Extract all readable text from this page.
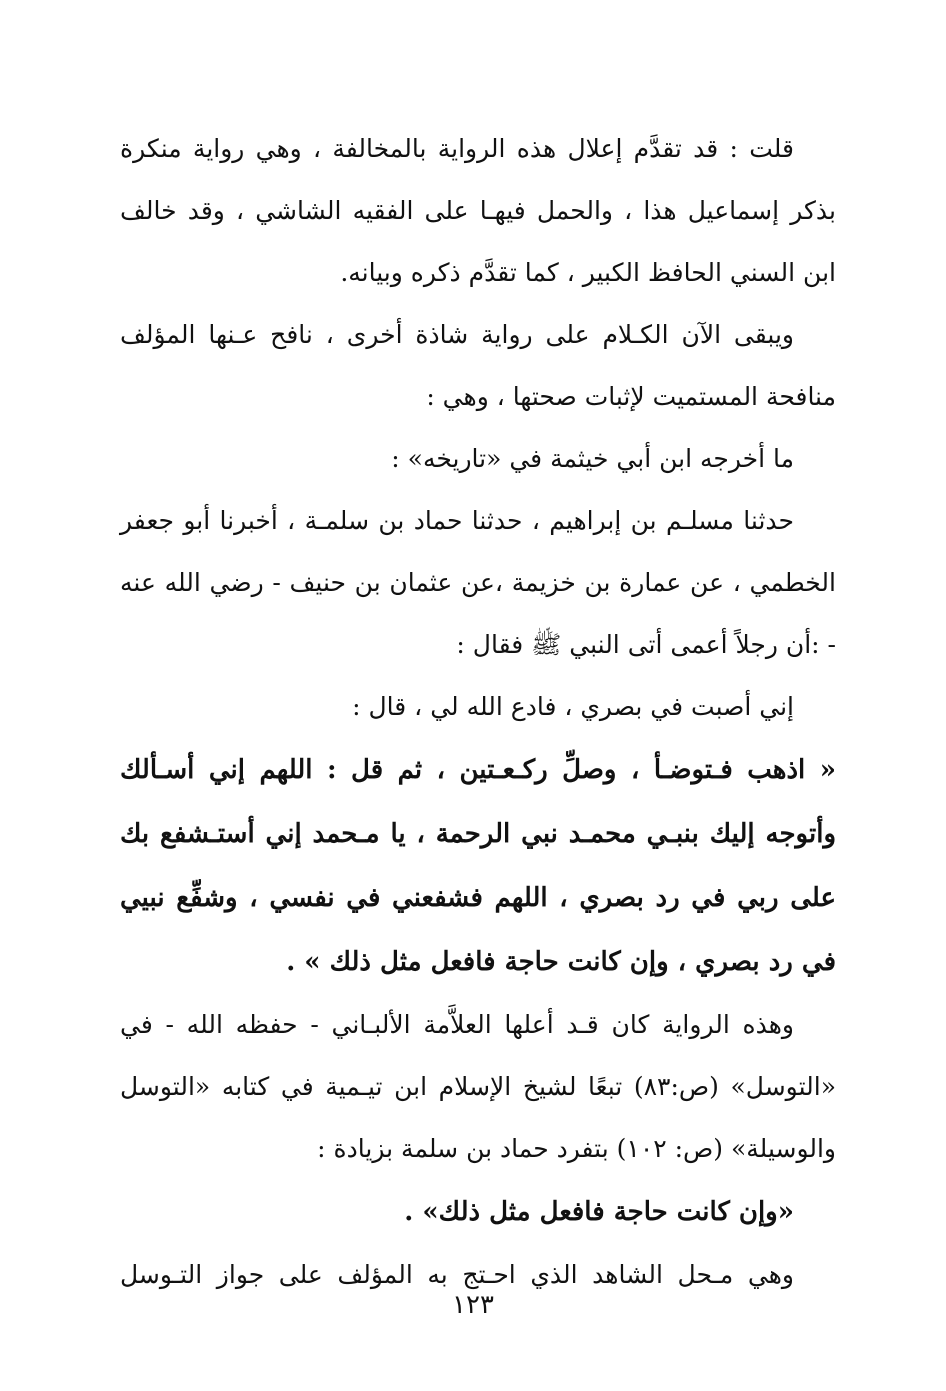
قلت : قد تقدَّم إعلال هذه الرواية بالمخالفة ، وهي رواية منكرة بذكر إسماعيل هذا ، والحمل فيهـا على الفقيه الشاشي ، وقد خالف ابن السني الحافظ الكبير ، كما تقدَّم ذكره وبيانه.

ويبقى الآن الكـلام على رواية شاذة أخرى ، نافح عـنها المؤلف منافحة المستميت لإثبات صحتها ، وهي :

ما أخرجه ابن أبي خيثمة في «تاريخه» :

حدثنا مسلـم بن إبراهيم ، حدثنا حماد بن سلمـة ، أخبرنا أبو جعفر الخطمي ، عن عمارة بن خزيمة ،عن عثمان بن حنيف - رضي الله عنه - :أن رجلاً أعمى أتى النبي ﷺ فقال :

إني أصبت في بصري ، فادع الله لي ، قال :

« اذهب فـتوضـأ ، وصلِّ ركـعـتين ، ثم قل : اللهم إني أسـألك وأتوجه إليك بنبـي محمـد نبي الرحمة ، يا مـحمد إني أستـشفع بك على ربي في رد بصري ، اللهم فشفعني في نفسي ، وشفِّع نبيي في رد بصري ، وإن كانت حاجة فافعل مثل ذلك » .

وهذه الرواية كان قـد أعلها العلاَّمة الألبـاني - حفظه الله - في «التوسل» (ص:٨٣) تبعًا لشيخ الإسلام ابن تيـمية في كتابه «التوسل والوسيلة» (ص: ١٠٢) بتفرد حماد بن سلمة بزيادة :

«وإن كانت حاجة فافعل مثل ذلك» .

وهي مـحل الشاهد الذي احـتج به المؤلف على جواز التـوسل

١٢٣
